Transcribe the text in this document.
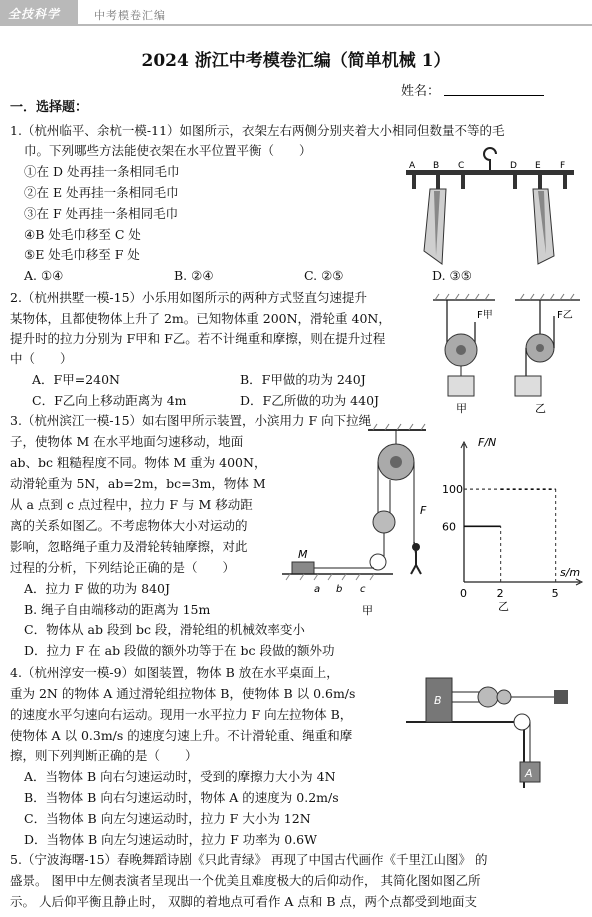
全技科学	中考模卷汇编
2024 浙江中考模卷汇编（简单机械 1）
姓名：
一．选择题：
1.（杭州临平、余杭一模-11）如图所示，衣架左右两侧分别夹着大小相同但数量不等的毛
巾。下列哪些方法能使衣架在水平位置平衡（　　）
①在 D 处再挂一条相同毛巾
②在 E 处再挂一条相同毛巾
③在 F 处再挂一条相同毛巾
④B 处毛巾移至 C 处
⑤E 处毛巾移至 F 处
A. ①④	B. ②④	C. ②⑤	D. ③⑤
A B C	D E F
2.（杭州拱墅一模-15）小乐用如图所示的两种方式竖直匀速提升
某物体，且都使物体上升了 2m。已知物体重 200N，滑轮重 40N，
提升时的拉力分别为 F甲和 F乙。若不计绳重和摩擦，则在提升过程
中（　　）
A．F甲=240N	B．F甲做的功为 240J
C．F乙向上移动距离为 4m	D．F乙所做的功为 440J
F甲
甲
F乙
乙
3.（杭州滨江一模-15）如右图甲所示装置，小滨用力 F 向下拉绳
子，使物体 M 在水平地面匀速移动，地面
ab、bc 粗糙程度不同。物体 M 重为 400N，
动滑轮重为 5N，ab=2m，bc=3m，物体 M
从 a 点到 c 点过程中，拉力 F 与 M 移动距
离的关系如图乙。不考虑物体大小对运动的
影响，忽略绳子重力及滑轮转轴摩擦，对此
过程的分析，下列结论正确的是（　　）
A．拉力 F 做的功为 840J
B. 绳子自由端移动的距离为 15m
C．物体从 ab 段到 bc 段，滑轮组的机械效率变小
D．拉力 F 在 ab 段做的额外功等于在 bc 段做的额外功
M
a b c
F
甲
F/N
s/m
0	2	5
60
100
乙
4.（杭州淳安一模-9）如图装置，物体 B 放在水平桌面上，
重为 2N 的物体 A 通过滑轮组拉物体 B，使物体 B 以 0.6m/s
的速度水平匀速向右运动。现用一水平拉力 F 向左拉物体 B，
使物体 A 以 0.3m/s 的速度匀速上升。不计滑轮重、绳重和摩
擦，则下列判断正确的是（　　）
A．当物体 B 向右匀速运动时，受到的摩擦力大小为 4N
B．当物体 B 向右匀速运动时，物体 A 的速度为 0.2m/s
C．当物体 B 向左匀速运动时，拉力 F 大小为 12N
D．当物体 B 向左匀速运动时，拉力 F 功率为 0.6W
B
A
5.（宁波海曙-15）春晚舞蹈诗剧《只此青绿》 再现了中国古代画作《千里江山图》 的
盛景。 图甲中左侧表演者呈现出一个优美且难度极大的后仰动作， 其简化图如图乙所
示。 人后仰平衡且静止时， 双脚的着地点可看作 A 点和 B 点，两个点都受到地面支
